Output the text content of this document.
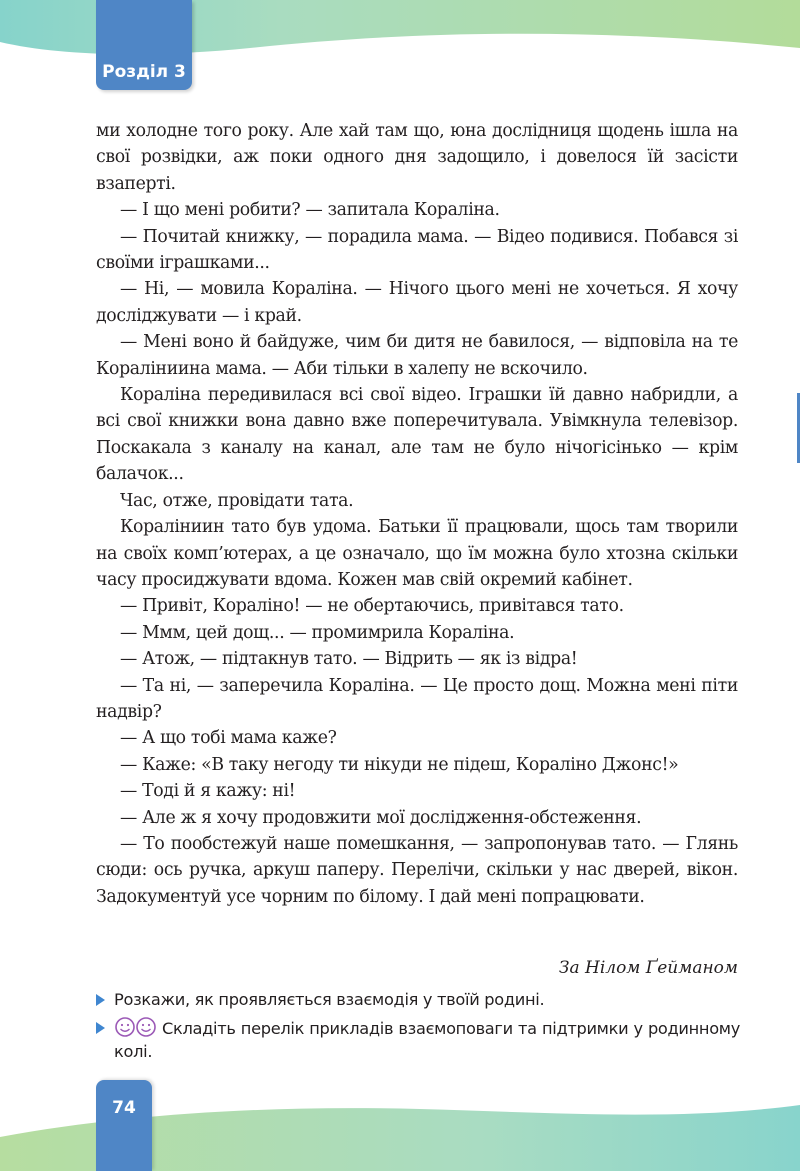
Розділ 3

ми холодне того року. Але хай там що, юна дослідниця щодень ішла на свої розвідки, аж поки одного дня задощило, і довелося їй засісти взаперті.

— І що мені робити? — запитала Кораліна.

— Почитай книжку, — порадила мама. — Відео подивися. Побався зі своїми іграшками...

— Ні, — мовила Кораліна. — Нічого цього мені не хочеться. Я хочу досліджувати — і край.

— Мені воно й байдуже, чим би дитя не бавилося, — відповіла на те Кораліниина мама. — Аби тільки в халепу не вскочило.

Кораліна передивилася всі свої відео. Іграшки їй давно набридли, а всі свої книжки вона давно вже поперечитувала. Увімкнула телевізор. Поскакала з каналу на канал, але там не було нічогісінько — крім балачок...

Час, отже, провідати тата.

Кораліниин тато був удома. Батьки її працювали, щось там творили на своїх комп’ютерах, а це означало, що їм можна було хтозна скільки часу просиджувати вдома. Кожен мав свій окремий кабінет.

— Привіт, Кораліно! — не обертаючись, привітався тато.

— Ммм, цей дощ... — промимрила Кораліна.

— Атож, — підтакнув тато. — Відрить — як із відра!

— Та ні, — заперечила Кораліна. — Це просто дощ. Можна мені піти надвір?

— А що тобі мама каже?

— Каже: «В таку негоду ти нікуди не підеш, Кораліно Джонс!»

— Тоді й я кажу: ні!

— Але ж я хочу продовжити мої дослідження-обстеження.

— То пообстежуй наше помешкання, — запропонував тато. — Глянь сюди: ось ручка, аркуш паперу. Перелічи, скільки у нас дверей, вікон. Задокументуй усе чорним по білому. І дай мені попрацювати.

За Нілом Ґейманом
Розкажи, як проявляється взаємодія у твоїй родині.
Складіть перелік прикладів взаємоповаги та підтримки у родинному колі.
74
